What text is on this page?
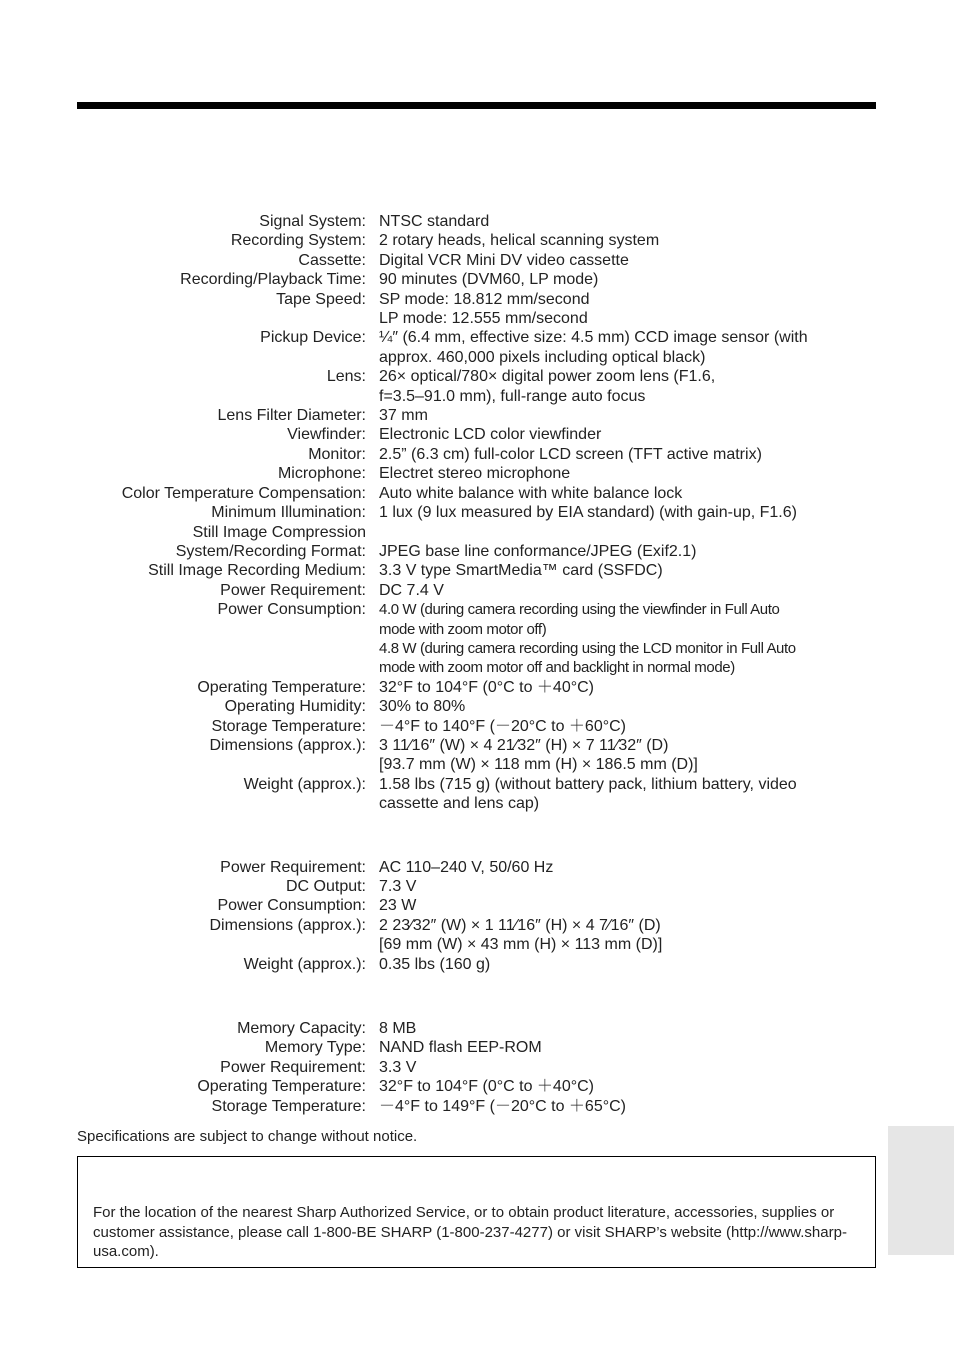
Signal System: NTSC standard
Recording System: 2 rotary heads, helical scanning system
Cassette: Digital VCR Mini DV video cassette
Recording/Playback Time: 90 minutes (DVM60, LP mode)
Tape Speed: SP mode: 18.812 mm/second
LP mode: 12.555 mm/second
Pickup Device: ¼″ (6.4 mm, effective size: 4.5 mm) CCD image sensor (with
approx. 460,000 pixels including optical black)
Lens: 26× optical/780× digital power zoom lens (F1.6,
f=3.5–91.0 mm), full-range auto focus
Lens Filter Diameter: 37 mm
Viewfinder: Electronic LCD color viewfinder
Monitor: 2.5” (6.3 cm) full-color LCD screen (TFT active matrix)
Microphone: Electret stereo microphone
Color Temperature Compensation: Auto white balance with white balance lock
Minimum Illumination: 1 lux (9 lux measured by EIA standard) (with gain-up, F1.6)
Still Image Compression

System/Recording Format: JPEG base line conformance/JPEG (Exif2.1)
Still Image Recording Medium: 3.3 V type SmartMedia™ card (SSFDC)
Power Requirement: DC 7.4 V
Power Consumption: 4.0 W (during camera recording using the viewfinder in Full Auto
mode with zoom motor off)
4.8 W (during camera recording using the LCD monitor in Full Auto
mode with zoom motor off and backlight in normal mode)
Operating Temperature: 32°F to 104°F (0°C to ＋40°C)
Operating Humidity: 30% to 80%
Storage Temperature: －4°F to 140°F (－20°C to ＋60°C)
Dimensions (approx.): 3 11⁄16″ (W) × 4 21⁄32″ (H) × 7 11⁄32″ (D)
[93.7 mm (W) × 118 mm (H) × 186.5 mm (D)]
Weight (approx.): 1.58 lbs (715 g) (without battery pack, lithium battery, video
cassette and lens cap)
Power Requirement: AC 110–240 V, 50/60 Hz
DC Output: 7.3 V
Power Consumption: 23 W
Dimensions (approx.): 2 23⁄32″ (W) × 1 11⁄16″ (H) × 4 7⁄16″ (D)
[69 mm (W) × 43 mm (H) × 113 mm (D)]
Weight (approx.): 0.35 lbs (160 g)
Memory Capacity: 8 MB
Memory Type: NAND flash EEP-ROM
Power Requirement: 3.3 V
Operating Temperature: 32°F to 104°F (0°C to ＋40°C)
Storage Temperature: －4°F to 149°F (－20°C to ＋65°C)
Specifications are subject to change without notice.
For the location of the nearest Sharp Authorized Service, or to obtain product literature, accessories, supplies or customer assistance, please call 1-800-BE SHARP (1-800-237-4277) or visit SHARP’s website (http://www.sharp-usa.com).
